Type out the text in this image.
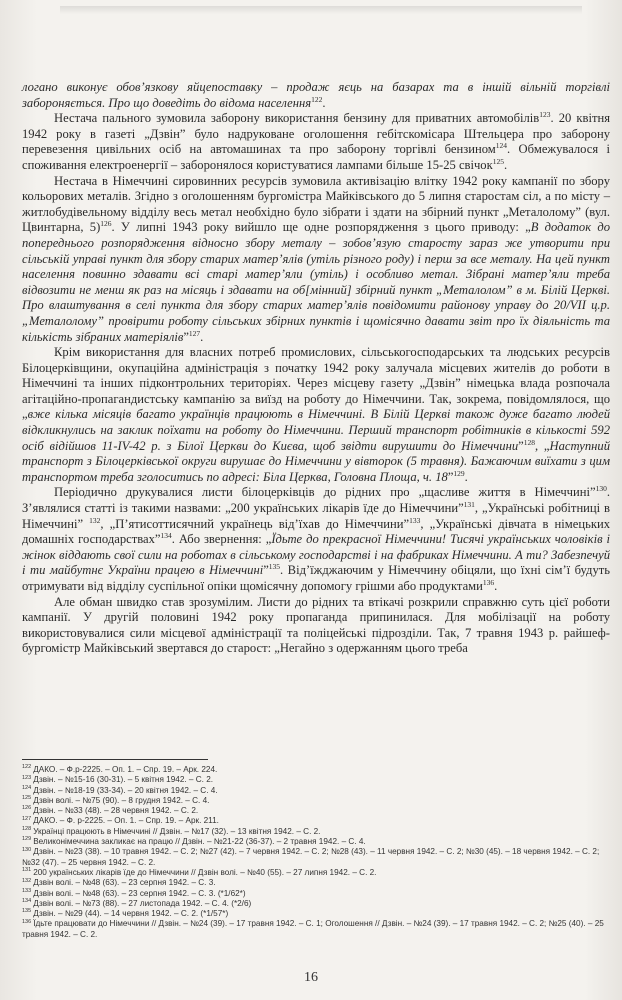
логано виконує обов’язкову яйцепоставку – продаж яєць на базарах та в іншій вільній торгівлі забороняється. Про що доведіть до відома населення$^{122}$.

Нестача пального зумовила заборону використання бензину для приватних автомобілів$^{123}$. 20 квітня 1942 року в газеті „Дзвін” було надруковане оголошення гебітскомісара Штельцера про заборону перевезення цивільних осіб на автомашинах та про заборону торгівлі бензином$^{124}$. Обмежувалося і споживання електроенергії – заборонялося користуватися лампами більше 15-25 свічок$^{125}$.

Нестача в Німеччині сировинних ресурсів зумовила активізацію влітку 1942 року кампанії по збору кольорових металів. Згідно з оголошенням бургомістра Майківського до 5 липня старостам сіл, а по місту – житлобудівельному відділу весь метал необхідно було зібрати і здати на збірний пункт „Металолому” (вул. Цвинтарна, 5)$^{126}$. У липні 1943 року вийшло ще одне розпорядження з цього приводу: „В додаток до попереднього розпорядження відносно збору металу – зобов’язую старосту зараз же утворити при сільській управі пункт для збору старих матер’ялів (утіль різного роду) і перш за все металу. На цей пункт населення повинно здавати всі старі матер’яли (утіль) і особливо метал. Зібрані матер’яли треба відвозити не менш як раз на місяць і здавати на об[мінний] збірний пункт „Металолом” в м. Білій Церкві. Про влаштування в селі пункта для збору старих матер’ялів повідомити районову управу до 20/VII ц.р. „Металолому” провірити роботу сільських збірних пунктів і щомісячно давати звіт про їх діяльність та кількість зібраних матеріялів”$^{127}$.

Крім використання для власних потреб промислових, сільськогосподарських та людських ресурсів Білоцерківщини, окупаційна адміністрація з початку 1942 року залучала місцевих жителів до роботи в Німеччині та інших підконтрольних територіях. Через місцеву газету „Дзвін” німецька влада розпочала агітаційно-пропагандистську кампанію за виїзд на роботу до Німеччини. Так, зокрема, повідомлялося, що „вже кілька місяців багато українців працюють в Німеччині. В Білій Церкві також дуже багато людей відкликнулись на заклик поїхати на роботу до Німеччини. Перший транспорт робітників в кількості 592 осіб відійшов 11-IV-42 р. з Білої Церкви до Києва, щоб звідти вирушити до Німеччини”$^{128}$, „Наступний транспорт з Білоцерківської округи вирушає до Німеччини у вівторок (5 травня). Бажаючим виїхати з цим транспортом треба зголоситись по адресі: Біла Церква, Головна Площа, ч. 18”$^{129}$.

Періодично друкувалися листи білоцерківців до рідних про „щасливе життя в Німеччині”$^{130}$. З’являлися статті із такими назвами: „200 українських лікарів їде до Німеччини”$^{131}$, „Українські робітниці в Німеччині” $^{132}$, „П’ятисоттисячний українець від’їхав до Німеччини”$^{133}$, „Українські дівчата в німецьких домашніх господарствах”$^{134}$. Або звернення: „Їдьте до прекрасної Німеччини! Тисячі українських чоловіків і жінок віддають свої сили на роботах в сільському господарстві і на фабриках Німеччини. А ти? Забезпечуй і ти майбутнє України працею в Німеччині”$^{135}$. Від’їжджаючим у Німеччину обіцяли, що їхні сім’ї будуть отримувати від відділу суспільної опіки щомісячну допомогу грішми або продуктами$^{136}$.

Але обман швидко став зрозумілим. Листи до рідних та втікачі розкрили справжню суть цієї роботи кампанії. У другій половині 1942 року пропаганда припинилася. Для мобілізації на роботу використовувалися сили місцевої адміністрації та поліцейські підрозділи. Так, 7 травня 1943 р. райшеф-бургомістр Майківський звертався до старост: „Негайно з одержанням цього треба

$^{122}$ ДАКО. – Ф.р-2225. – Оп. 1. – Спр. 19. – Арк. 224.

$^{123}$ Дзвін. – №15-16 (30-31). – 5 квітня 1942. – С. 2.

$^{124}$ Дзвін. – №18-19 (33-34). – 20 квітня 1942. – С. 4.

$^{125}$ Дзвін волі. – №75 (90). – 8 грудня 1942. – С. 4.

$^{126}$ Дзвін. – №33 (48). – 28 червня 1942. – С. 2.

$^{127}$ ДАКО. – Ф. р-2225. – Оп. 1. – Спр. 19. – Арк. 211.

$^{128}$ Українці працюють в Німеччині // Дзвін. – №17 (32). – 13 квітня 1942. – С. 2.

$^{129}$ Великонімеччина закликає на працю // Дзвін. – №21-22 (36-37). – 2 травня 1942. – С. 4.

$^{130}$ Дзвін. – №23 (38). – 10 травня 1942. – С. 2; №27 (42). – 7 червня 1942. – С. 2; №28 (43). – 11 червня 1942. – С. 2; №30 (45). – 18 червня 1942. – С. 2; №32 (47). – 25 червня 1942. – С. 2.

$^{131}$ 200 українських лікарів їде до Німеччини // Дзвін волі. – №40 (55). – 27 липня 1942. – С. 2.

$^{132}$ Дзвін волі. – №48 (63). – 23 серпня 1942. – С. 3.

$^{133}$ Дзвін волі. – №48 (63). – 23 серпня 1942. – С. 3. (*1/62*)

$^{134}$ Дзвін волі. – №73 (88). – 27 листопада 1942. – С. 4. (*2/6)

$^{135}$ Дзвін. – №29 (44). – 14 червня 1942. – С. 2. (*1/57*)

$^{136}$ Їдьте працювати до Німеччини // Дзвін. – №24 (39). – 17 травня 1942. – С. 1; Оголошення // Дзвін. – №24 (39). – 17 травня 1942. – С. 2; №25 (40). – 25 травня 1942. – С. 2.

16
